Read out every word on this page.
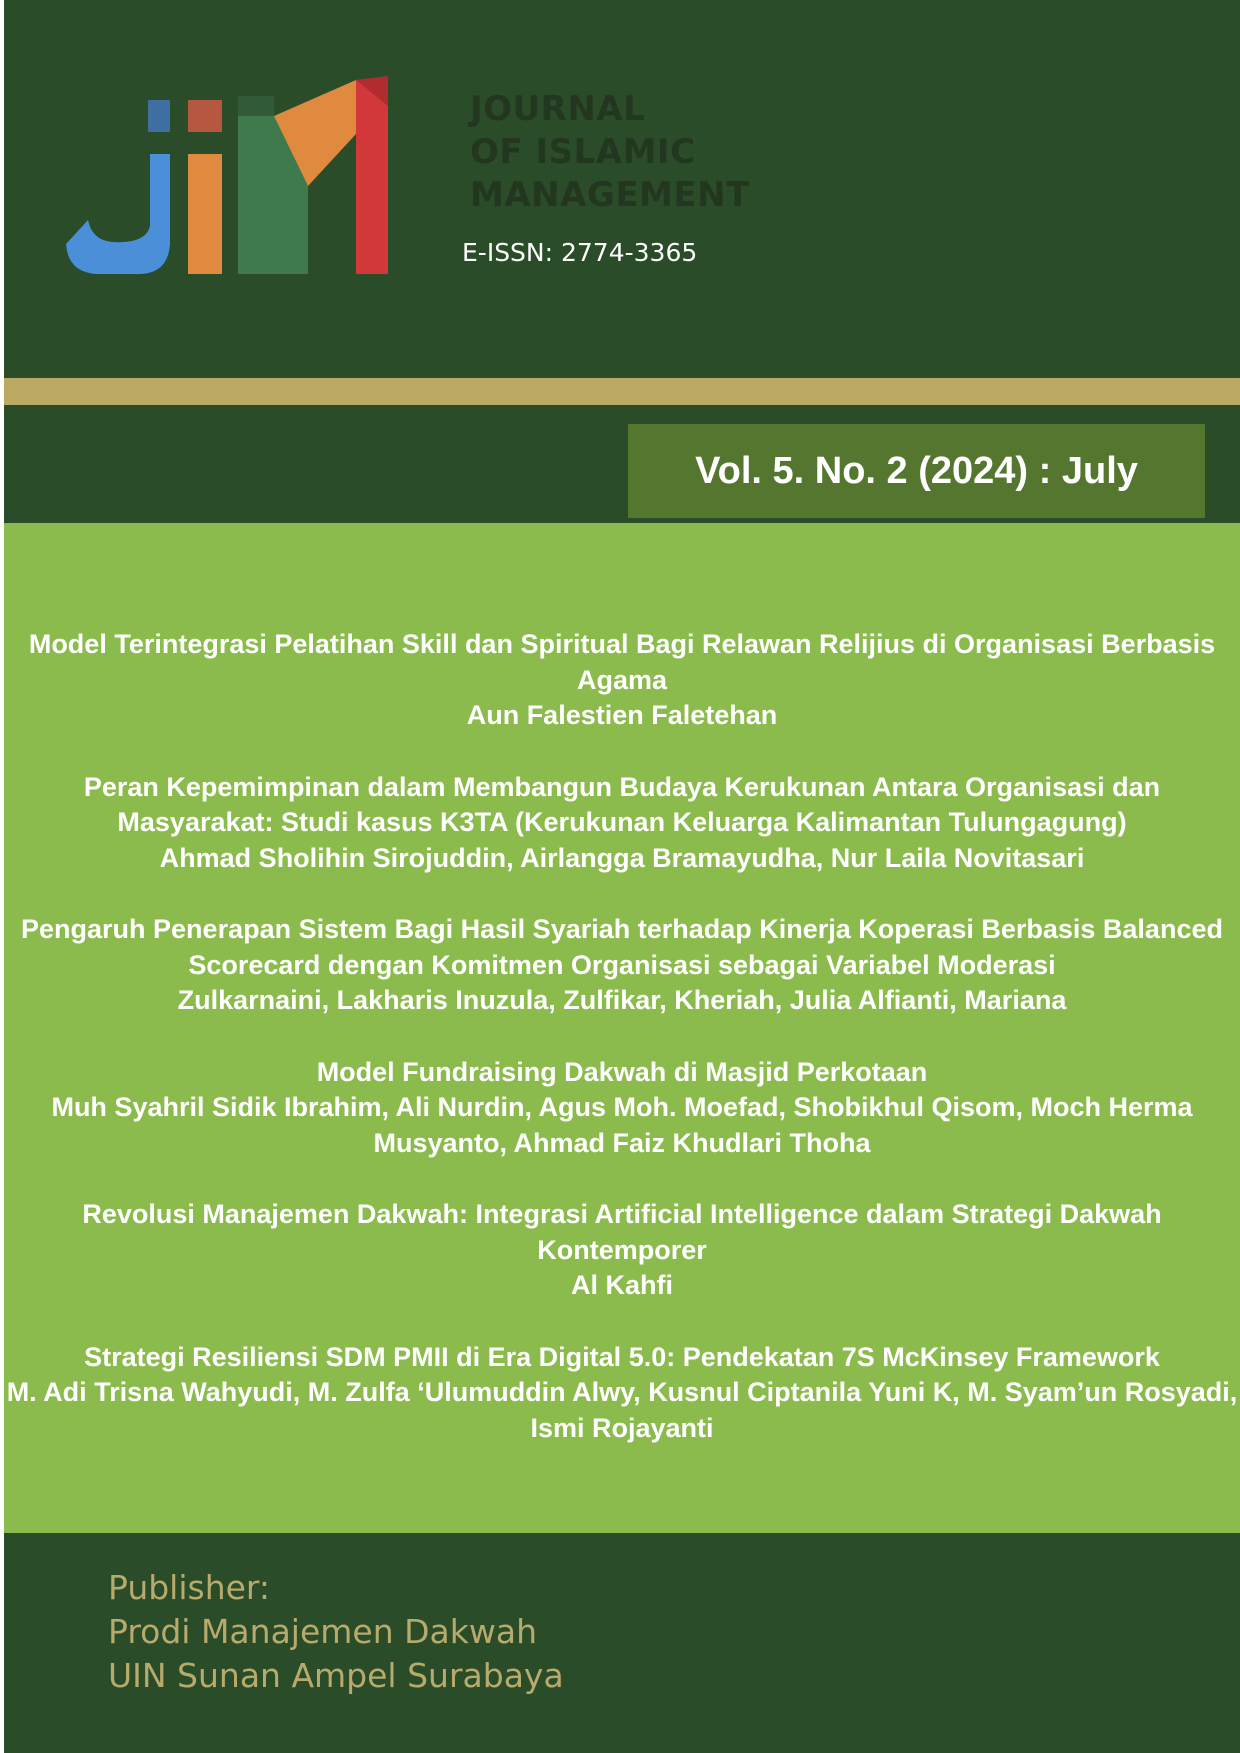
JOURNAL
OF ISLAMIC
MANAGEMENT
E-ISSN: 2774-3365
Vol. 5. No. 2 (2024) : July
Model Terintegrasi Pelatihan Skill dan Spiritual Bagi Relawan Relijius di Organisasi Berbasis Agama
Aun Falestien Faletehan
Peran Kepemimpinan dalam Membangun Budaya Kerukunan Antara Organisasi dan Masyarakat: Studi kasus K3TA (Kerukunan Keluarga Kalimantan Tulungagung)
Ahmad Sholihin Sirojuddin, Airlangga Bramayudha, Nur Laila Novitasari
Pengaruh Penerapan Sistem Bagi Hasil Syariah terhadap Kinerja Koperasi Berbasis Balanced Scorecard dengan Komitmen Organisasi sebagai Variabel Moderasi
Zulkarnaini, Lakharis Inuzula, Zulfikar, Kheriah, Julia Alfianti, Mariana
Model Fundraising Dakwah di Masjid Perkotaan
Muh Syahril Sidik Ibrahim, Ali Nurdin, Agus Moh. Moefad, Shobikhul Qisom, Moch Herma Musyanto, Ahmad Faiz Khudlari Thoha
Revolusi Manajemen Dakwah: Integrasi Artificial Intelligence dalam Strategi Dakwah Kontemporer
Al Kahfi
Strategi Resiliensi SDM PMII di Era Digital 5.0: Pendekatan 7S McKinsey Framework
M. Adi Trisna Wahyudi, M. Zulfa ‘Ulumuddin Alwy, Kusnul Ciptanila Yuni K, M. Syam’un Rosyadi, Ismi Rojayanti
Publisher:
Prodi Manajemen Dakwah
UIN Sunan Ampel Surabaya
